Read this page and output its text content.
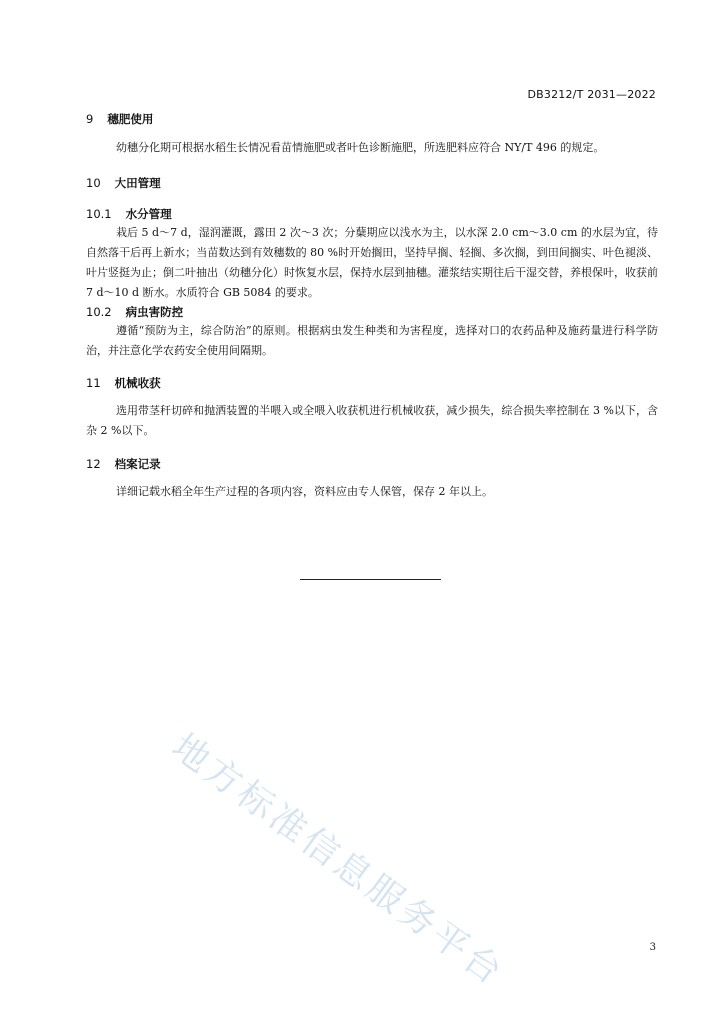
DB3212/T 2031—2022
9 穗肥使用
幼穗分化期可根据水稻生长情况看苗情施肥或者叶色诊断施肥，所选肥料应符合 NY/T 496 的规定。
10 大田管理
10.1 水分管理
栽后 5 d～7 d，湿润灌溉，露田 2 次～3 次；分蘖期应以浅水为主，以水深 2.0 cm～3.0 cm 的水层为宜，待自然落干后再上新水；当苗数达到有效穗数的 80 %时开始搁田，坚持早搁、轻搁、多次搁，到田间搁实、叶色褪淡、叶片竖挺为止；倒二叶抽出（幼穗分化）时恢复水层，保持水层到抽穗。灌浆结实期往后干湿交替，养根保叶，收获前 7 d～10 d 断水。水质符合 GB 5084 的要求。
10.2 病虫害防控
遵循“预防为主，综合防治”的原则。根据病虫发生种类和为害程度，选择对口的农药品种及施药量进行科学防治，并注意化学农药安全使用间隔期。
11 机械收获
选用带茎秆切碎和抛洒装置的半喂入或全喂入收获机进行机械收获，减少损失，综合损失率控制在 3 %以下，含杂 2 %以下。
12 档案记录
详细记载水稻全年生产过程的各项内容，资料应由专人保管，保存 2 年以上。
地方标准信息服务平台	3
